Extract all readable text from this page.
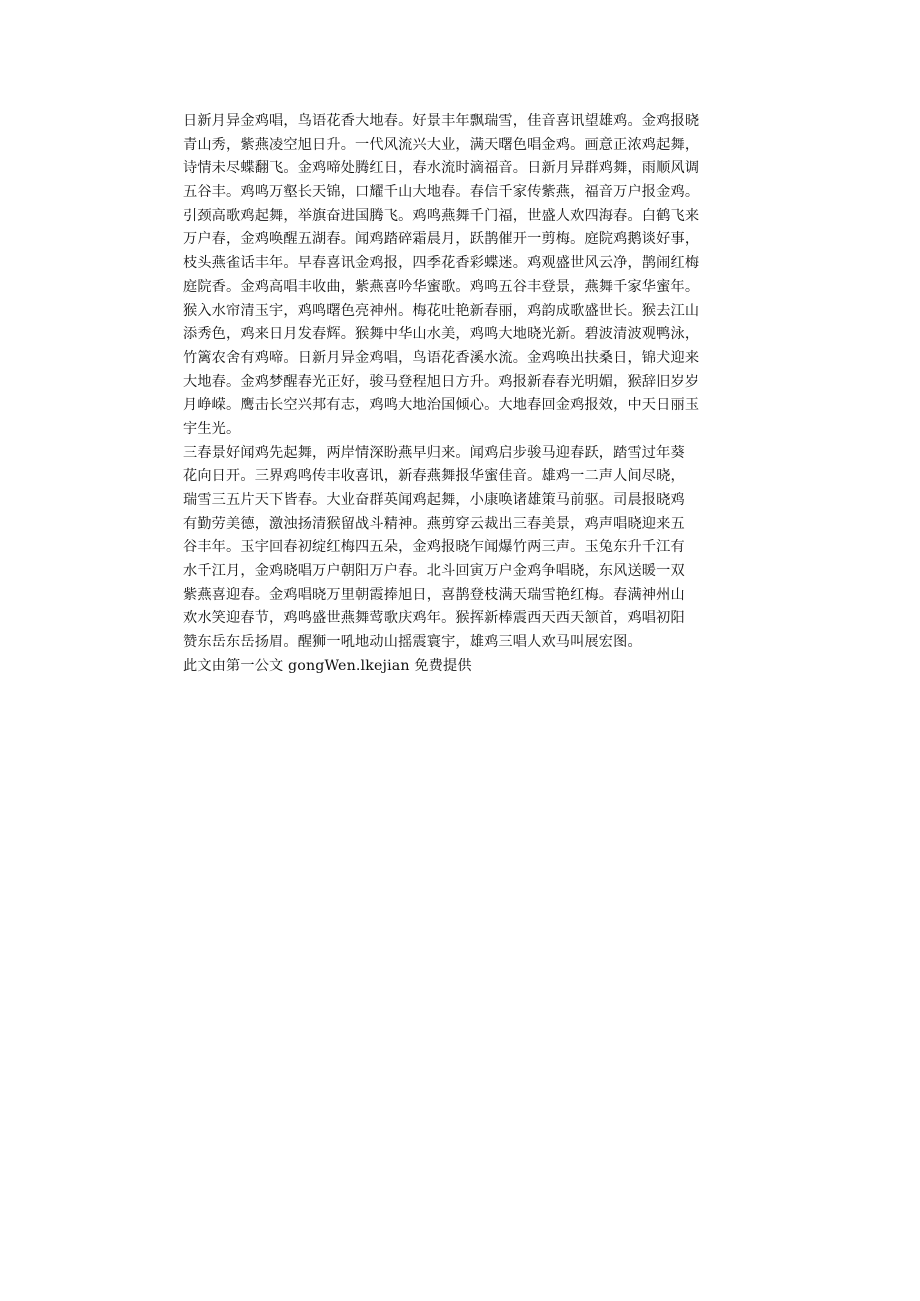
日新月异金鸡唱，鸟语花香大地春。好景丰年飘瑞雪，佳音喜讯望雄鸡。金鸡报晓
青山秀，紫燕凌空旭日升。一代风流兴大业，满天曙色唱金鸡。画意正浓鸡起舞，
诗情未尽蝶翻飞。金鸡啼处腾红日，春水流时滴福音。日新月异群鸡舞，雨顺风调
五谷丰。鸡鸣万壑长天锦，口耀千山大地春。春信千家传紫燕，福音万户报金鸡。
引颈高歌鸡起舞，举旗奋进国腾飞。鸡鸣燕舞千门福，世盛人欢四海春。白鹤飞来
万户春，金鸡唤醒五湖春。闻鸡踏碎霜晨月，跃鹊催开一剪梅。庭院鸡鹅谈好事，
枝头燕雀话丰年。早春喜讯金鸡报，四季花香彩蝶迷。鸡观盛世风云净，鹊闹红梅
庭院香。金鸡高唱丰收曲，紫燕喜吟华蜜歌。鸡鸣五谷丰登景，燕舞千家华蜜年。
猴入水帘清玉宇，鸡鸣曙色亮神州。梅花吐艳新春丽，鸡韵成歌盛世长。猴去江山
添秀色，鸡来日月发春辉。猴舞中华山水美，鸡鸣大地晓光新。碧波清波观鸭泳，
竹篱农舍有鸡啼。日新月异金鸡唱，鸟语花香溪水流。金鸡唤出扶桑日，锦犬迎来
大地春。金鸡梦醒春光正好，骏马登程旭日方升。鸡报新春春光明媚，猴辞旧岁岁
月峥嵘。鹰击长空兴邦有志，鸡鸣大地治国倾心。大地春回金鸡报效，中天日丽玉
宇生光。
三春景好闻鸡先起舞，两岸情深盼燕早归来。闻鸡启步骏马迎春跃，踏雪过年葵
花向日开。三界鸡鸣传丰收喜讯，新春燕舞报华蜜佳音。雄鸡一二声人间尽晓，
瑞雪三五片天下皆春。大业奋群英闻鸡起舞，小康唤诸雄策马前驱。司晨报晓鸡
有勤劳美德，激浊扬清猴留战斗精神。燕剪穿云裁出三春美景，鸡声唱晓迎来五
谷丰年。玉宇回春初绽红梅四五朵，金鸡报晓乍闻爆竹两三声。玉兔东升千江有
水千江月，金鸡晓唱万户朝阳万户春。北斗回寅万户金鸡争唱晓，东风送暖一双
紫燕喜迎春。金鸡唱晓万里朝霞捧旭日，喜鹊登枝满天瑞雪艳红梅。春满神州山
欢水笑迎春节，鸡鸣盛世燕舞莺歌庆鸡年。猴挥新棒震西天西天颔首，鸡唱初阳
赞东岳东岳扬眉。醒狮一吼地动山摇震寰宇，雄鸡三唱人欢马叫展宏图。
此文由第一公文 gongWen.lkejian 免费提供
